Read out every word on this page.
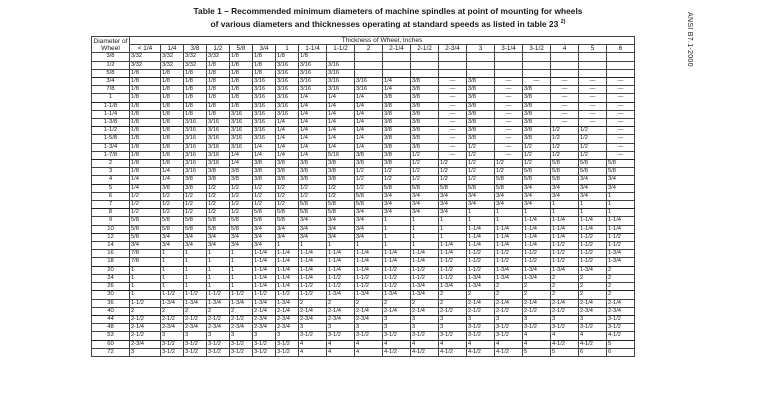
Table 1 – Recommended minimum diameters of machine spindles at point of mounting for wheels
of various diameters and thicknesses operating at standard speeds as listed in table 23 $^{2)}$	ANSI B7.1-2000
Diameter of Wheel	Thickness of Wheel, Inches																		
	< 1/4	1/4	3/8	1/2	5/8	3/4	1	1-1/4	1-1/2	2	2-1/4	2-1/2	2-3/4	3	3-1/4	3-1/2	4	5	6
3/8	3/32	3/32	3/32	3/32	1/8	1/8	1/8	1/8											
1/2	3/32	3/32	3/32	1/8	1/8	1/8	3/16	3/16	3/16										
5/8	1/8	1/8	1/8	1/8	1/8	1/8	3/16	3/16	3/16										
3/4	1/8	1/8	1/8	1/8	1/8	3/16	3/16	3/16	3/16	3/16	1/4	3/8	—	3/8	—	—	—	—	—
7/8	1/8	1/8	1/8	1/8	1/8	3/16	3/16	3/16	3/16	3/16	1/4	3/8	—	3/8	—	3/8	—	—	—
1	1/8	1/8	1/8	1/8	1/8	3/16	3/16	1/4	1/4	1/4	3/8	3/8	—	3/8	—	3/8	—	—	—
1-1/8	1/8	1/8	1/8	1/8	1/8	3/16	3/16	1/4	1/4	1/4	3/8	3/8	—	3/8	—	3/8	—	—	—
1-1/4	1/8	1/8	1/8	1/8	3/16	3/16	3/16	1/4	1/4	1/4	3/8	3/8	—	3/8	—	3/8	—	—	—
1-3/8	1/8	1/8	3/16	3/16	3/16	3/16	1/4	1/4	1/4	1/4	3/8	3/8	—	3/8	—	3/8	—	—	—
1-1/2	1/8	1/8	3/16	3/16	3/16	3/16	1/4	1/4	1/4	1/4	3/8	3/8	—	3/8	—	3/8	1/2	1/2	—
1-5/8	1/8	1/8	3/16	3/16	3/16	3/16	1/4	1/4	1/4	1/4	3/8	3/8	—	3/8	—	3/8	1/2	1/2	—
1-3/4	1/8	1/8	3/16	3/16	3/16	1/4	1/4	1/4	1/4	1/4	3/8	3/8	—	1/2	—	1/2	1/2	1/2	—
1-7/8	1/8	1/8	3/16	3/16	1/4	1/4	1/4	1/4	5/16	3/8	3/8	1/2	—	1/2	—	1/2	1/2	1/2	—
2	1/8	1/8	3/16	3/16	1/4	3/8	3/8	3/8	3/8	3/8	3/8	1/2	1/2	1/2	1/2	1/2	5/8	5/8	5/8
3	1/8	1/4	3/16	3/8	3/8	3/8	3/8	3/8	3/8	1/2	1/2	1/2	1/2	1/2	1/2	5/8	5/8	5/8	5/8
4	1/4	1/4	3/8	3/8	3/8	3/8	3/8	3/8	3/8	1/2	1/2	1/2	1/2	1/2	5/8	5/8	5/8	3/4	3/4
5	1/4	3/8	3/8	1/2	1/2	1/2	1/2	1/2	1/2	1/2	5/8	5/8	5/8	5/8	5/8	3/4	3/4	3/4	3/4
6	1/2	1/2	1/2	1/2	1/2	1/2	1/2	1/2	1/2	5/8	3/4	3/4	3/4	3/4	3/4	3/4	3/4	3/4	1
7	1/2	1/2	1/2	1/2	1/2	1/2	1/2	5/8	5/8	5/8	3/4	3/4	3/4	3/4	3/4	3/4	1	1	1
8	1/2	1/2	1/2	1/2	1/2	5/8	5/8	5/8	5/8	3/4	3/4	3/4	3/4	1	1	1	1	1	1
9	5/8	5/8	5/8	5/8	5/8	5/8	5/8	3/4	3/4	3/4	1	1	1	1	1	1-1/4	1-1/4	1-1/4	1-1/4
10	5/8	5/8	5/8	5/8	5/8	3/4	3/4	3/4	3/4	3/4	1	1	1	1-1/4	1-1/4	1-1/4	1-1/4	1-1/4	1-1/4
12	5/8	3/4	3/4	3/4	3/4	3/4	3/4	3/4	3/4	3/4	1	1	1	1-1/4	1-1/4	1-1/4	1-1/4	1-1/2	1-1/2
14	3/4	3/4	3/4	3/4	3/4	3/4	1	1	1	1	1	1	1-1/4	1-1/4	1-1/4	1-1/4	1-1/2	1-1/2	1-1/2
16	7/8	1	1	1	1	1-1/4	1-1/4	1-1/4	1-1/4	1-1/4	1-1/4	1-1/4	1-1/4	1-1/2	1-1/2	1-1/2	1-1/2	1-1/2	1-3/4
18	7/8	1	1	1	1	1-1/4	1-1/4	1-1/4	1-1/4	1-1/4	1-1/4	1-1/4	1-1/2	1-1/2	1-1/2	1-1/2	1-1/2	1-1/2	1-3/4
20	1	1	1	1	1	1-1/4	1-1/4	1-1/4	1-1/4	1-1/4	1-1/2	1-1/2	1-1/2	1-1/2	1-3/4	1-3/4	1-3/4	1-3/4	2
24	1	1	1	1	1	1-1/4	1-1/4	1-1/4	1-1/2	1-1/2	1-1/2	1-1/2	1-1/2	1-3/4	1-3/4	1-3/4	2	2	2
26	1	1	1	1	1	1-1/4	1-1/4	1-1/2	1-1/2	1-1/2	1-1/2	1-3/4	1-3/4	1-3/4	2	2	2	2	2
30	1	1-1/2	1-1/2	1-1/2	1-1/2	1-1/2	1-1/2	1-1/2	1-3/4	1-3/4	1-3/4	1-3/4	2	2	2	2	2	2	2
36	1-1/2	1-3/4	1-3/4	1-3/4	1-3/4	1-3/4	1-3/4	2	2	2	2	2	2	2-1/4	2-1/4	2-1/4	2-1/4	2-1/4	2-1/4
40	2	2	2	2	2	2-1/4	2-1/4	2-1/4	2-1/4	2-1/4	2-1/4	2-1/4	2-1/2	2-1/2	2-1/2	2-1/2	2-1/2	2-3/4	2-3/4
44	2-1/2	2-1/2	2-1/2	2-1/2	2-1/2	2-3/4	2-3/4	2-3/4	2-3/4	2-3/4	3	3	3	3	3	3	3	3	3-1/2
48	2-1/4	2-3/4	2-3/4	2-3/4	2-3/4	2-3/4	2-3/4	3	3	3	3	3	3	3-1/2	3-1/2	3-1/2	3-1/2	3-1/2	3-1/2
53	2-1/2	3	3	3	3	3	3	3-1/2	3-1/2	3-1/2	3-1/2	3-1/2	3-1/2	3-1/2	3-1/2	4	4	4	4-1/2
60	2-3/4	3-1/2	3-1/2	3-1/2	3-1/2	3-1/2	3-1/2	4	4	4	4	4	4	4	4	4	4-1/2	4-1/2	5
72	3	3-1/2	3-1/2	3-1/2	3-1/2	3-1/2	3-1/2	4	4	4	4-1/2	4-1/2	4-1/2	4-1/2	4-1/2	5	5	6	6
